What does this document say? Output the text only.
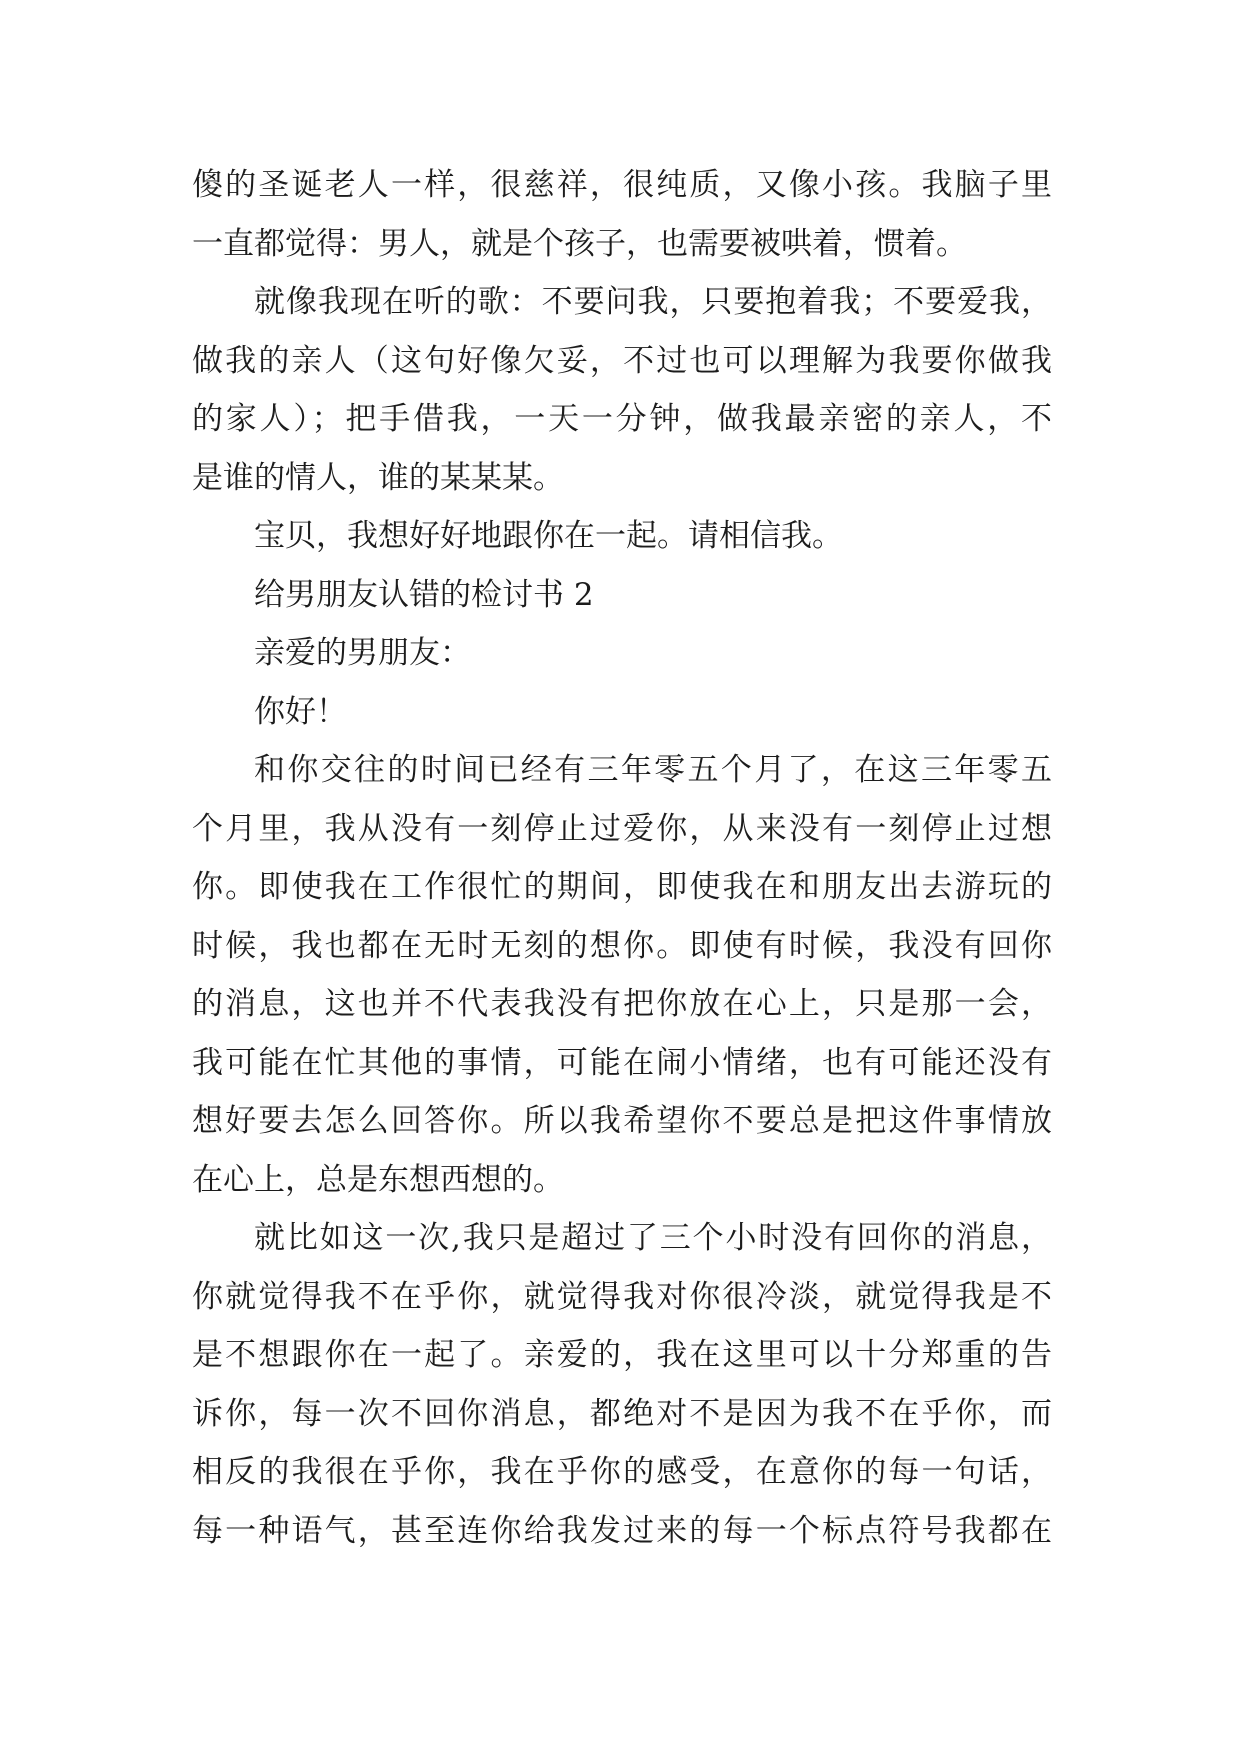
傻的圣诞老人一样，很慈祥，很纯质，又像小孩。我脑子里
一直都觉得：男人，就是个孩子，也需要被哄着，惯着。
就像我现在听的歌：不要问我，只要抱着我；不要爱我，
做我的亲人（这句好像欠妥，不过也可以理解为我要你做我
的家人）；把手借我，一天一分钟，做我最亲密的亲人，不
是谁的情人，谁的某某某。
宝贝，我想好好地跟你在一起。请相信我。
给男朋友认错的检讨书 2
亲爱的男朋友：
你好！
和你交往的时间已经有三年零五个月了，在这三年零五
个月里，我从没有一刻停止过爱你，从来没有一刻停止过想
你。即使我在工作很忙的期间，即使我在和朋友出去游玩的
时候，我也都在无时无刻的想你。即使有时候，我没有回你
的消息，这也并不代表我没有把你放在心上，只是那一会，
我可能在忙其他的事情，可能在闹小情绪，也有可能还没有
想好要去怎么回答你。所以我希望你不要总是把这件事情放
在心上，总是东想西想的。
就比如这一次,我只是超过了三个小时没有回你的消息，
你就觉得我不在乎你，就觉得我对你很冷淡，就觉得我是不
是不想跟你在一起了。亲爱的，我在这里可以十分郑重的告
诉你，每一次不回你消息，都绝对不是因为我不在乎你，而
相反的我很在乎你，我在乎你的感受，在意你的每一句话，
每一种语气，甚至连你给我发过来的每一个标点符号我都在
